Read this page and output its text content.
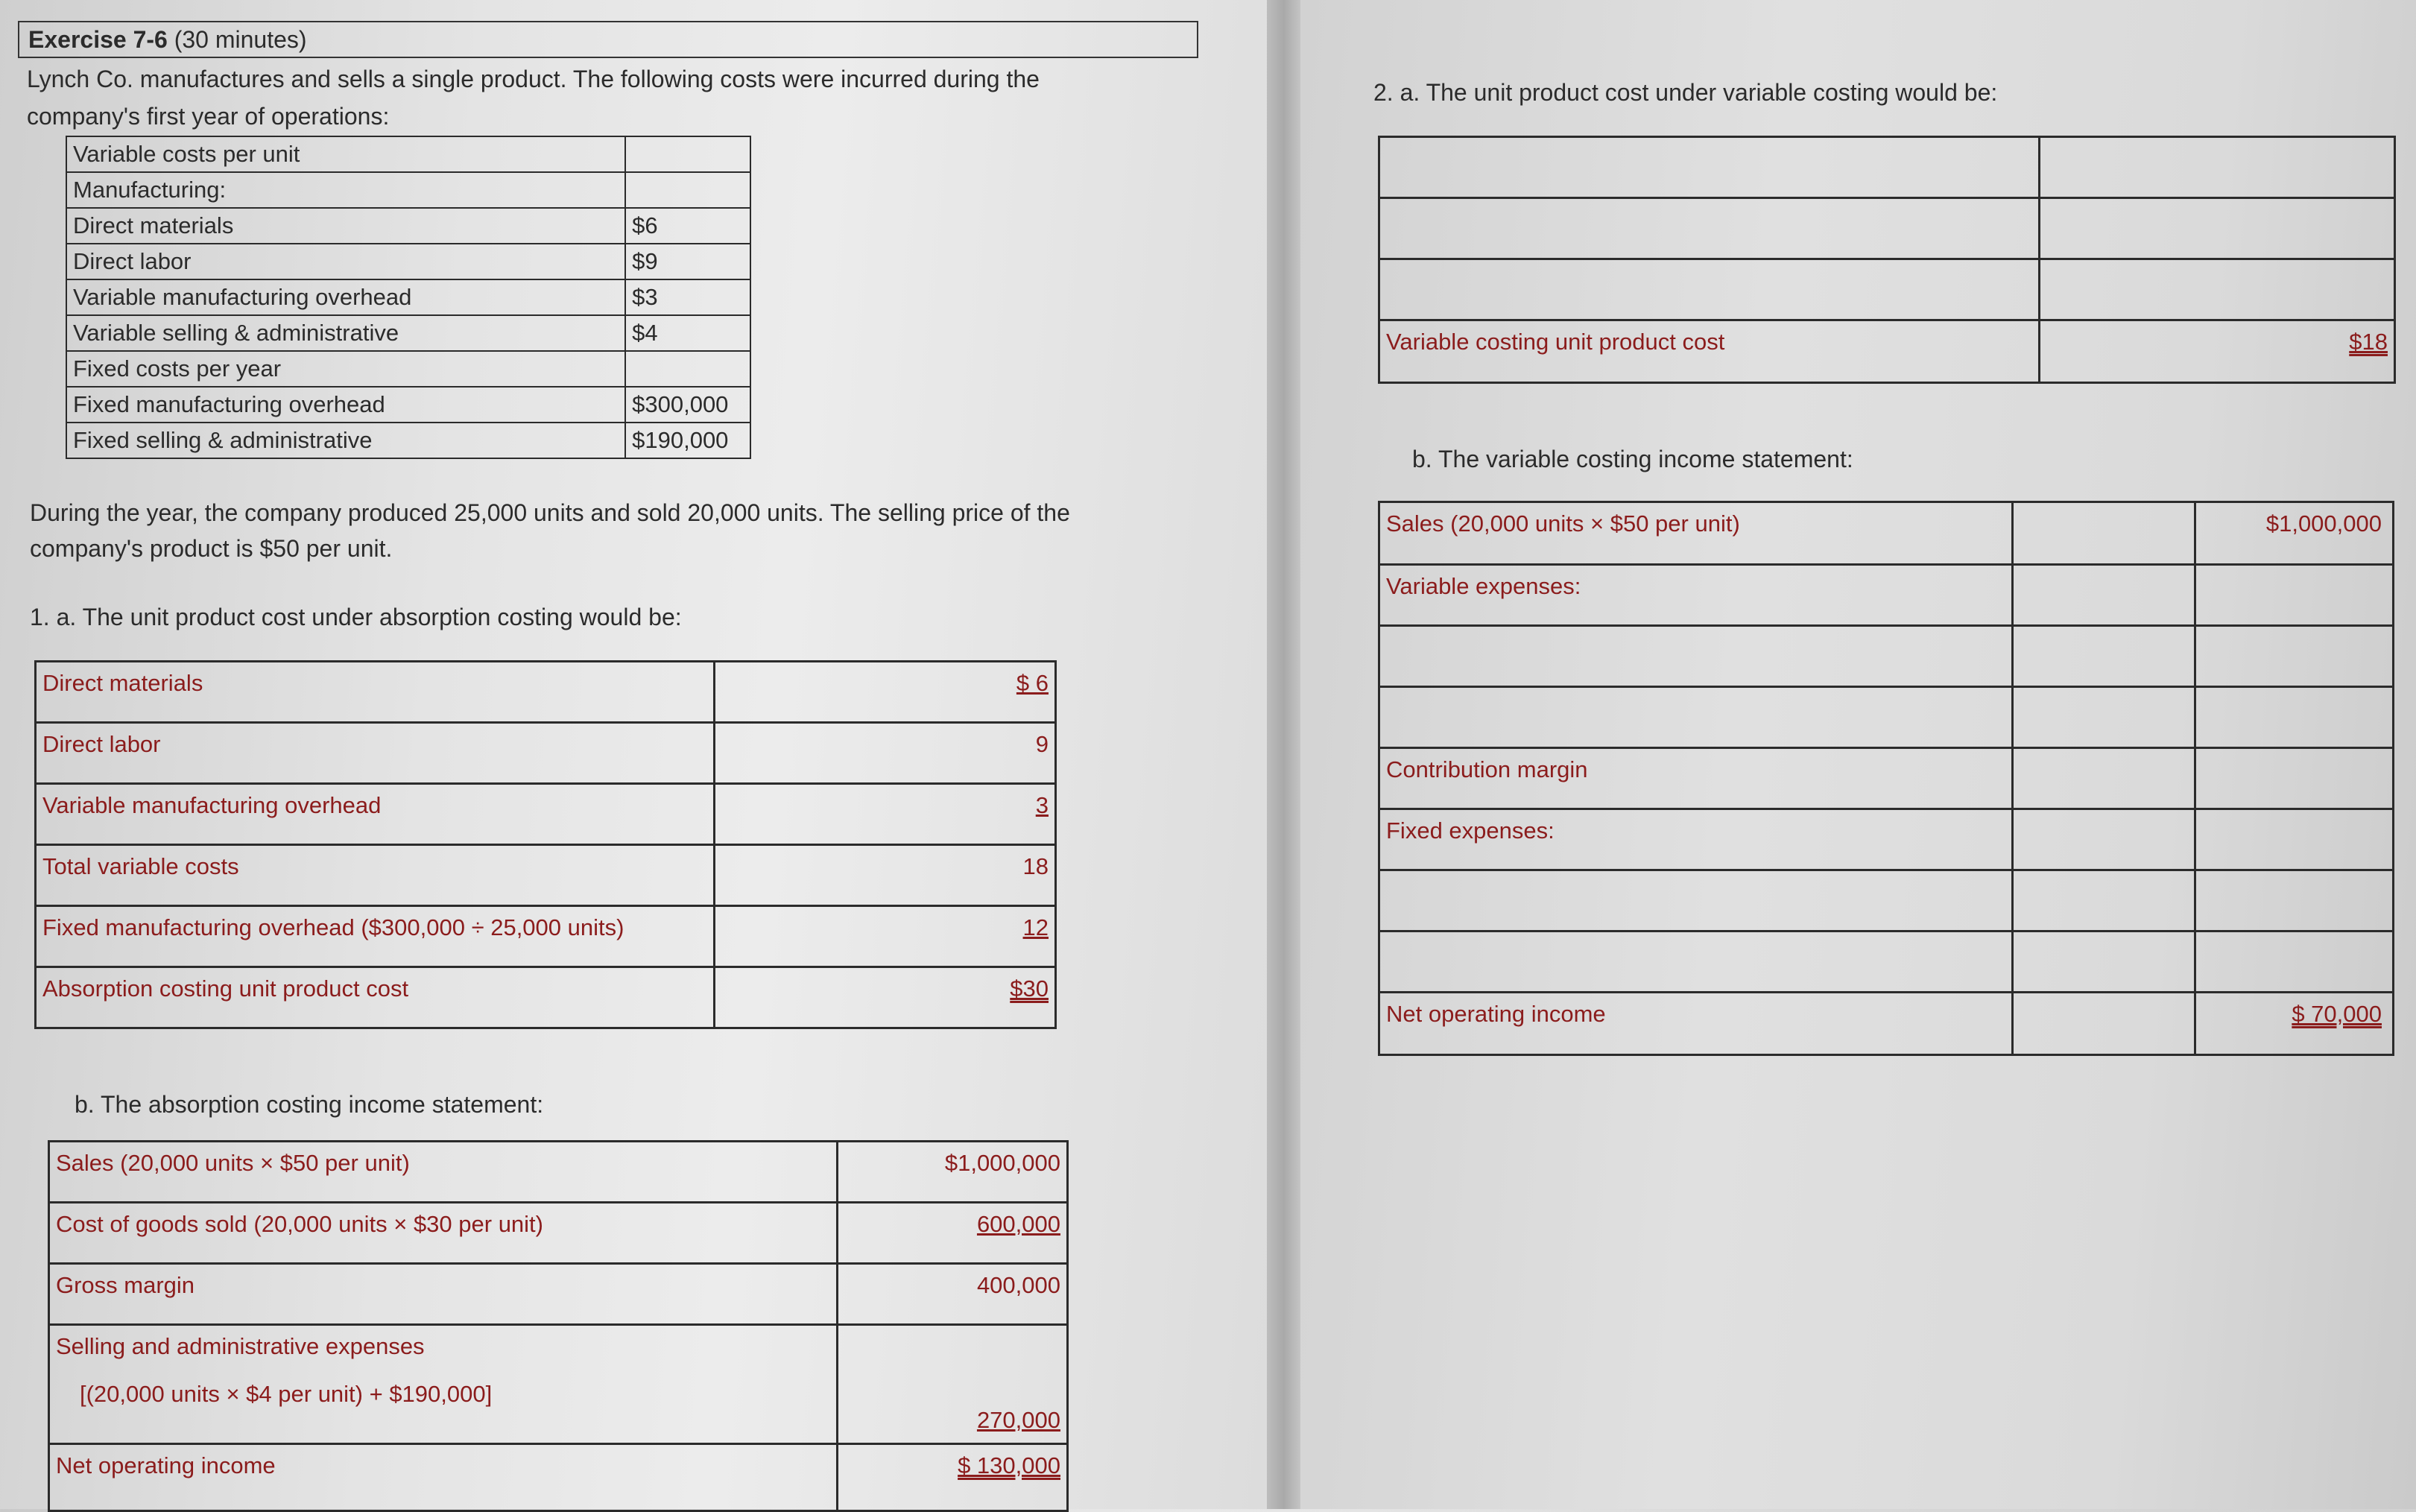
Exercise 7-6 (30 minutes)
Lynch Co. manufactures and sells a single product. The following costs were incurred during the
company's first year of operations:
Variable costs per unit	
Manufacturing:	
Direct materials	$6
Direct labor	$9
Variable manufacturing overhead	$3
Variable selling & administrative	$4
Fixed costs per year	
Fixed manufacturing overhead	$300,000
Fixed selling & administrative	$190,000
During the year, the company produced 25,000 units and sold 20,000 units. The selling price of the
company's product is $50 per unit.
1. a. The unit product cost under absorption costing would be:
Direct materials	$ 6
Direct labor	9
Variable manufacturing overhead	3
Total variable costs	18
Fixed manufacturing overhead ($300,000 ÷ 25,000 units)	12
Absorption costing unit product cost	$30
b. The absorption costing income statement:
Sales (20,000 units × $50 per unit)	$1,000,000
Cost of goods sold (20,000 units × $30 per unit)	600,000
Gross margin	400,000

Selling and administrative expenses
[(20,000 units × $4 per unit) + $190,000]	270,000
Net operating income	$ 130,000
2. a. The unit product cost under variable costing would be:

Variable costing unit product cost	$18
b. The variable costing income statement:
Sales (20,000 units × $50 per unit)		$1,000,000
Variable expenses:		

Contribution margin		
Fixed expenses:		

Net operating income		$ 70,000
